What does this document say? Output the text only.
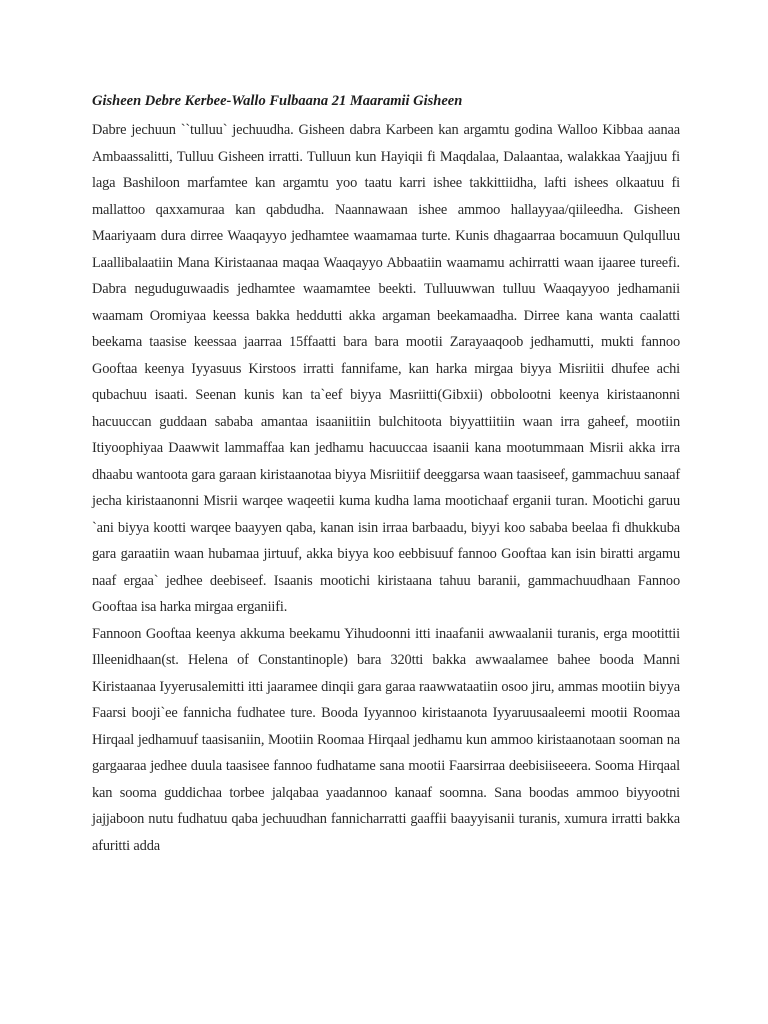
Gisheen Debre Kerbee-Wallo Fulbaana 21 Maaramii Gisheen

Dabre jechuun ``tulluu` jechuudha. Gisheen dabra Karbeen kan argamtu godina Walloo Kibbaa aanaa Ambaassalitti, Tulluu Gisheen irratti. Tulluun kun Hayiqii fi Maqdalaa, Dalaantaa, walakkaa Yaajjuu fi laga Bashiloon marfamtee kan argamtu yoo taatu karri ishee takkittiidha, lafti ishees olkaatuu fi mallattoo qaxxamuraa kan qabdudha. Naannawaan ishee ammoo hallayyaa/qiileedha. Gisheen Maariyaam dura dirree Waaqayyo jedhamtee waamamaa turte. Kunis dhagaarraa bocamuun Qulqulluu Laallibalaatiin Mana Kiristaanaa maqaa Waaqayyo Abbaatiin waamamu achirratti waan ijaaree tureefi. Dabra neguduguwaadis jedhamtee waamamtee beekti. Tulluuwwan tulluu Waaqayyoo jedhamanii waamam Oromiyaa keessa bakka heddutti akka argaman beekamaadha. Dirree kana wanta caalatti beekama taasise keessaa jaarraa 15ffaatti bara bara mootii Zarayaaqoob jedhamutti, mukti fannoo Gooftaa keenya Iyyasuus Kirstoos irratti fannifame, kan harka mirgaa biyya Misriitii dhufee achi qubachuu isaati. Seenan kunis kan ta`eef biyya Masriitti(Gibxii) obbolootni keenya kiristaanonni hacuuccan guddaan sababa amantaa isaaniitiin bulchitoota biyyattiitiin waan irra gaheef, mootiin Itiyoophiyaa Daawwit lammaffaa kan jedhamu hacuuccaa isaanii kana mootummaan Misrii akka irra dhaabu wantoota gara garaan kiristaanotaa biyya Misriitiif deeggarsa waan taasiseef, gammachuu sanaaf jecha kiristaanonni Misrii warqee waqeetii kuma kudha lama mootichaaf erganii turan. Mootichi garuu `ani biyya kootti warqee baayyen qaba, kanan isin irraa barbaadu, biyyi koo sababa beelaa fi dhukkuba gara garaatiin waan hubamaa jirtuuf, akka biyya koo eebbisuuf fannoo Gooftaa kan isin biratti argamu naaf ergaa` jedhee deebiseef. Isaanis mootichi kiristaana tahuu baranii, gammachuudhaan Fannoo Gooftaa isa harka mirgaa erganiifi.

Fannoon Gooftaa keenya akkuma beekamu Yihudoonni itti inaafanii awwaalanii turanis, erga mootittii Illeenidhaan(st. Helena of Constantinople) bara 320tti bakka awwaalamee bahee booda Manni Kiristaanaa Iyyerusalemitti itti jaaramee dinqii gara garaa raawwataatiin osoo jiru, ammas mootiin biyya Faarsi booji`ee fannicha fudhatee ture. Booda Iyyannoo kiristaanota Iyyaruusaaleemi mootii Roomaa Hirqaal jedhamuuf taasisaniin, Mootiin Roomaa Hirqaal jedhamu kun ammoo kiristaanotaan sooman na gargaaraa jedhee duula taasisee fannoo fudhatame sana mootii Faarsirraa deebisiiseeera. Sooma Hirqaal kan sooma guddichaa torbee jalqabaa yaadannoo kanaaf soomna. Sana boodas ammoo biyyootni jajjaboon nutu fudhatuu qaba jechuudhan fannicharratti gaaffii baayyisanii turanis, xumura irratti bakka afuritti adda
